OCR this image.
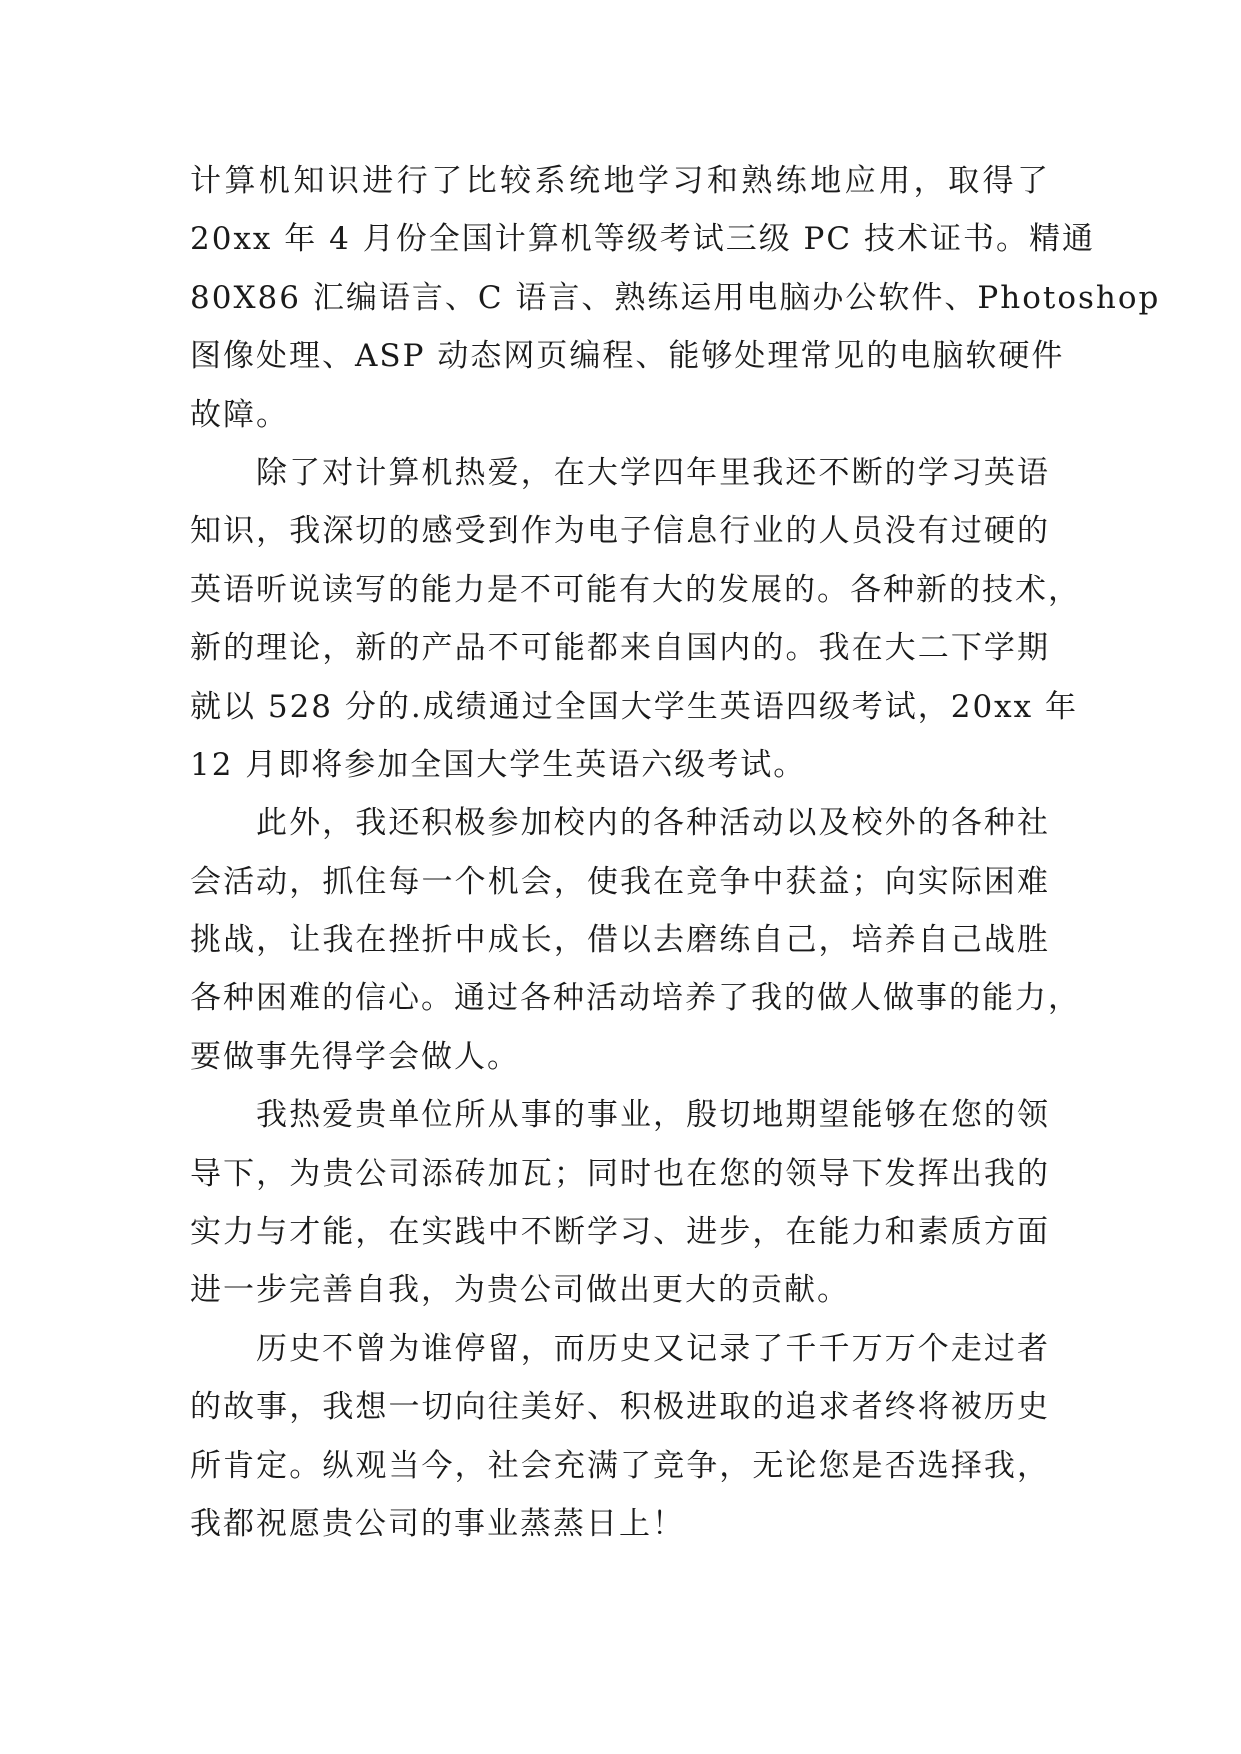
计算机知识进行了比较系统地学习和熟练地应用，取得了
20xx 年 4 月份全国计算机等级考试三级 PC 技术证书。精通
80X86 汇编语言、C 语言、熟练运用电脑办公软件、Photoshop
图像处理、ASP 动态网页编程、能够处理常见的电脑软硬件
故障。
除了对计算机热爱，在大学四年里我还不断的学习英语
知识，我深切的感受到作为电子信息行业的人员没有过硬的
英语听说读写的能力是不可能有大的发展的。各种新的技术，
新的理论，新的产品不可能都来自国内的。我在大二下学期
就以 528 分的.成绩通过全国大学生英语四级考试，20xx 年
12 月即将参加全国大学生英语六级考试。
此外，我还积极参加校内的各种活动以及校外的各种社
会活动，抓住每一个机会，使我在竞争中获益；向实际困难
挑战，让我在挫折中成长，借以去磨练自己，培养自己战胜
各种困难的信心。通过各种活动培养了我的做人做事的能力，
要做事先得学会做人。
我热爱贵单位所从事的事业，殷切地期望能够在您的领
导下，为贵公司添砖加瓦；同时也在您的领导下发挥出我的
实力与才能，在实践中不断学习、进步，在能力和素质方面
进一步完善自我，为贵公司做出更大的贡献。
历史不曾为谁停留，而历史又记录了千千万万个走过者
的故事，我想一切向往美好、积极进取的追求者终将被历史
所肯定。纵观当今，社会充满了竞争，无论您是否选择我，
我都祝愿贵公司的事业蒸蒸日上！
